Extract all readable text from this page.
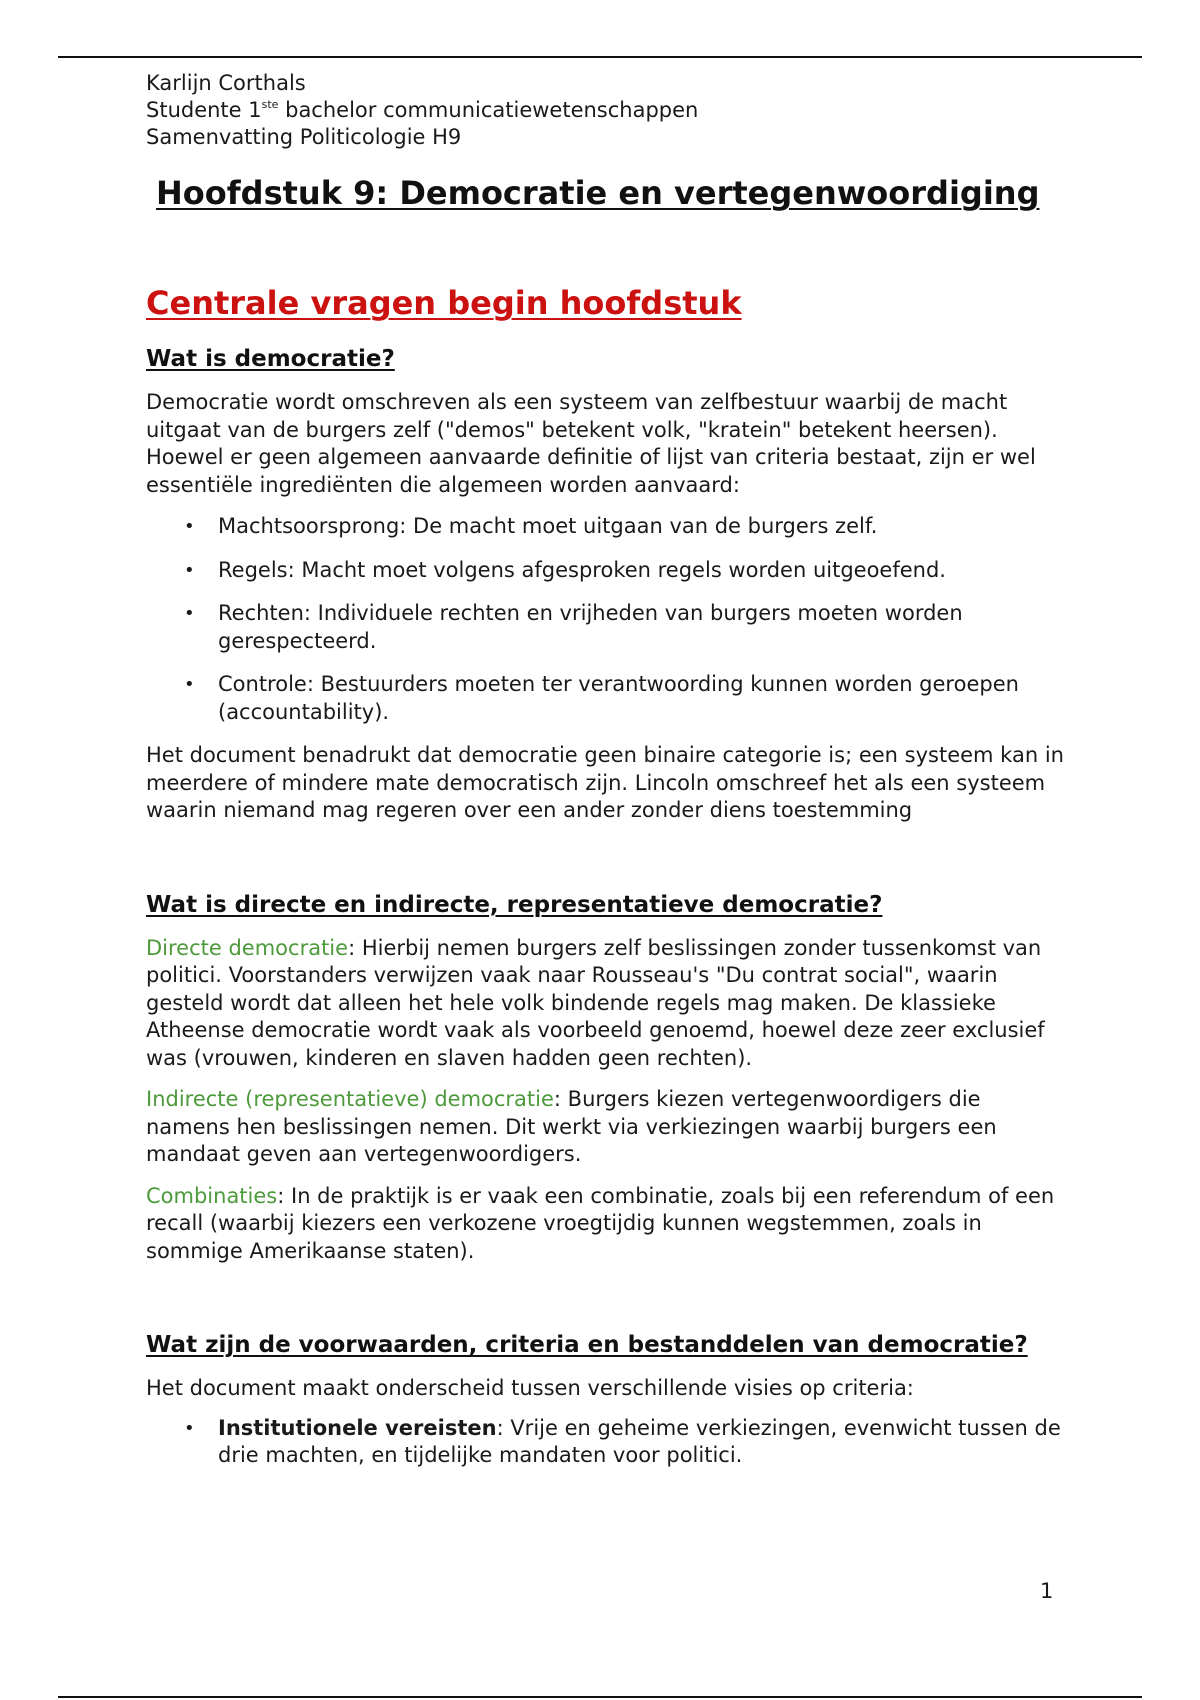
Karlijn Corthals

Studente 1ste bachelor communicatiewetenschappen

Samenvatting Politicologie H9

Hoofdstuk 9: Democratie en vertegenwoordiging
Centrale vragen begin hoofdstuk
Wat is democratie?

Democratie wordt omschreven als een systeem van zelfbestuur waarbij de macht uitgaat van de burgers zelf ("demos" betekent volk, "kratein" betekent heersen). Hoewel er geen algemeen aanvaarde definitie of lijst van criteria bestaat, zijn er wel essentiële ingrediënten die algemeen worden aanvaard:

• Machtsoorsprong: De macht moet uitgaan van de burgers zelf.
• Regels: Macht moet volgens afgesproken regels worden uitgeoefend.
• Rechten: Individuele rechten en vrijheden van burgers moeten worden gerespecteerd.
• Controle: Bestuurders moeten ter verantwoording kunnen worden geroepen (accountability).

Het document benadrukt dat democratie geen binaire categorie is; een systeem kan in meerdere of mindere mate democratisch zijn. Lincoln omschreef het als een systeem waarin niemand mag regeren over een ander zonder diens toestemming

Wat is directe en indirecte, representatieve democratie?

Directe democratie: Hierbij nemen burgers zelf beslissingen zonder tussenkomst van politici. Voorstanders verwijzen vaak naar Rousseau's "Du contrat social", waarin gesteld wordt dat alleen het hele volk bindende regels mag maken. De klassieke Atheense democratie wordt vaak als voorbeeld genoemd, hoewel deze zeer exclusief was (vrouwen, kinderen en slaven hadden geen rechten).

Indirecte (representatieve) democratie: Burgers kiezen vertegenwoordigers die namens hen beslissingen nemen. Dit werkt via verkiezingen waarbij burgers een mandaat geven aan vertegenwoordigers.

Combinaties: In de praktijk is er vaak een combinatie, zoals bij een referendum of een recall (waarbij kiezers een verkozene vroegtijdig kunnen wegstemmen, zoals in sommige Amerikaanse staten).

Wat zijn de voorwaarden, criteria en bestanddelen van democratie?

Het document maakt onderscheid tussen verschillende visies op criteria:

• Institutionele vereisten: Vrije en geheime verkiezingen, evenwicht tussen de drie machten, en tijdelijke mandaten voor politici.
1
